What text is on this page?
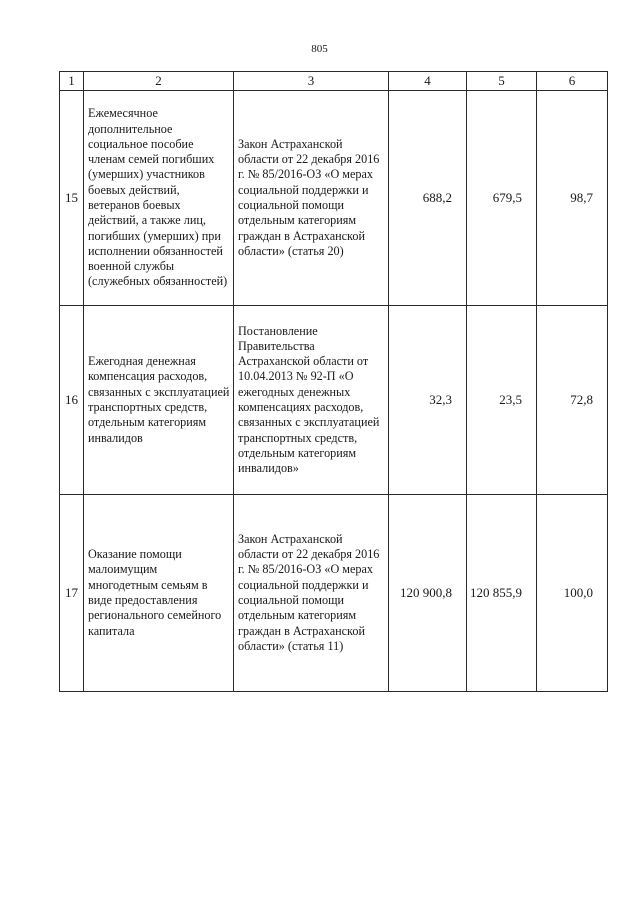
805
1	2	3	4	5	6
15	Ежемесячное дополнительное социальное пособие членам семей погибших (умерших) участников боевых действий, ветеранов боевых действий, а также лиц, погибших (умерших) при исполнении обязанностей военной службы (служебных обязанностей)	Закон Астраханской области от 22 декабря 2016 г. № 85/2016-ОЗ «О мерах социальной поддержки и социальной помощи отдельным категориям граждан в Астраханской области» (статья 20)	688,2	679,5	98,7
16	Ежегодная денежная компенсация расходов, связанных с эксплуатацией транспортных средств, отдельным категориям инвалидов	Постановление Правительства Астраханской области от 10.04.2013 № 92-П «О ежегодных денежных компенсациях расходов, связанных с эксплуатацией транспортных средств, отдельным категориям инвалидов»	32,3	23,5	72,8
17	Оказание помощи малоимущим многодетным семьям в виде предоставления регионального семейного капитала	Закон Астраханской области от 22 декабря 2016 г. № 85/2016-ОЗ «О мерах социальной поддержки и социальной помощи отдельным категориям граждан в Астраханской области» (статья 11)	120 900,8	120 855,9	100,0
